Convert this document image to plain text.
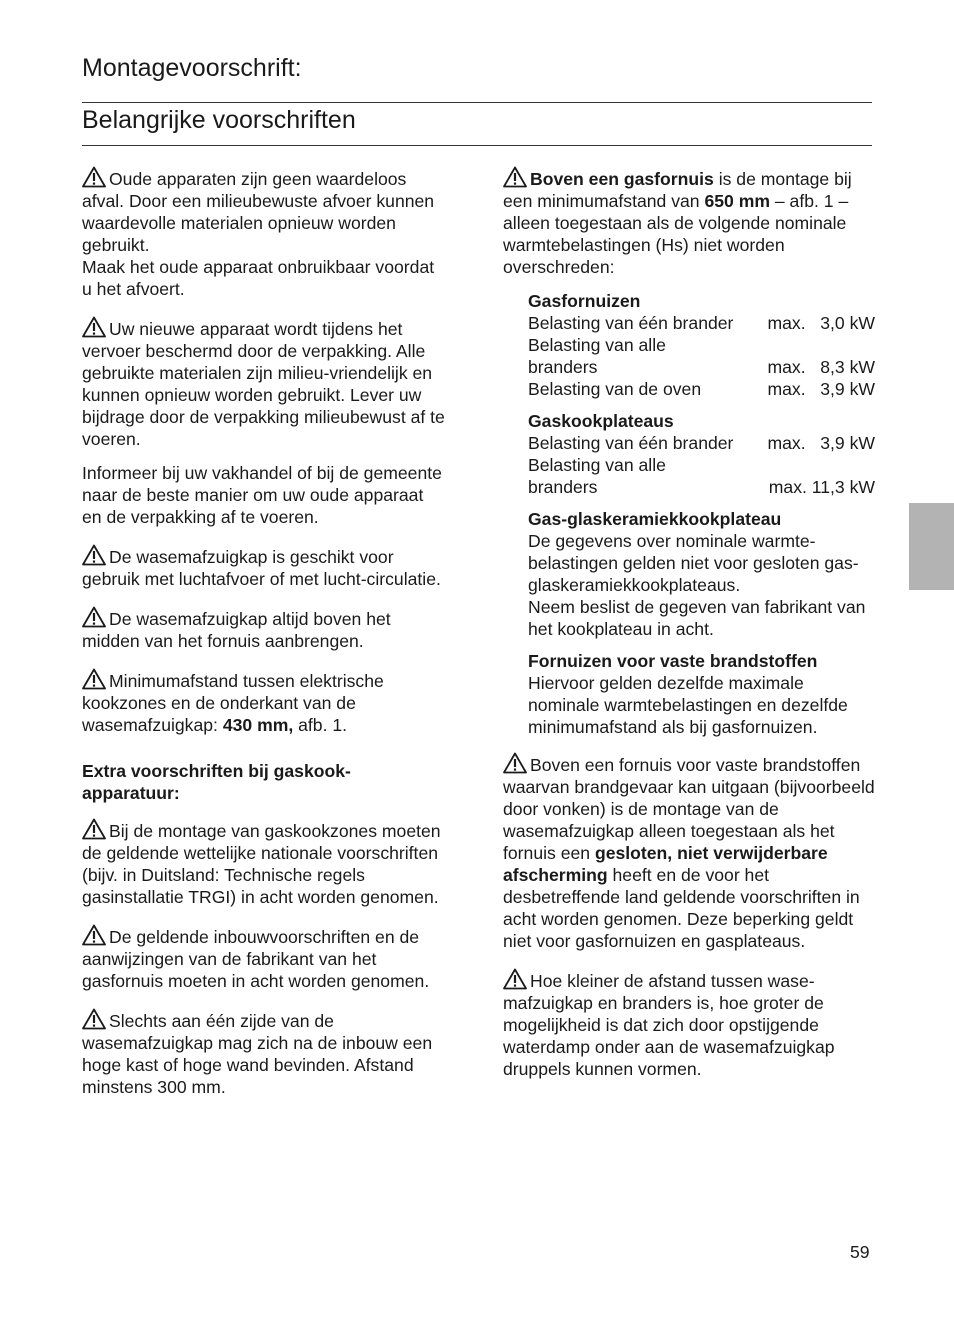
Montagevoorschrift:
Belangrijke voorschriften

Oude apparaten zijn geen waardeloos afval. Door een milieubewuste afvoer kunnen waardevolle materialen opnieuw worden gebruikt.
Maak het oude apparaat onbruikbaar voordat u het afvoert.

Uw nieuwe apparaat wordt tijdens het vervoer beschermd door de verpakking. Alle gebruikte materialen zijn milieu-vriendelijk en kunnen opnieuw worden gebruikt. Lever uw bijdrage door de verpakking milieubewust af te voeren.

Informeer bij uw vakhandel of bij de gemeente naar de beste manier om uw oude apparaat en de verpakking af te voeren.

De wasemafzuigkap is geschikt voor gebruik met luchtafvoer of met lucht-circulatie.

De wasemafzuigkap altijd boven het midden van het fornuis aanbrengen.

Minimumafstand tussen elektrische kookzones en de onderkant van de wasemafzuigkap: 430 mm, afb. 1.

Extra voorschriften bij gaskook-
apparatuur:

Bij de montage van gaskookzones moeten de geldende wettelijke nationale voorschriften (bijv. in Duitsland: Technische regels gasinstallatie TRGI) in acht worden genomen.

De geldende inbouwvoorschriften en de aanwijzingen van de fabrikant van het gasfornuis moeten in acht worden genomen.

Slechts aan één zijde van de wasemafzuigkap mag zich na de inbouw een hoge kast of hoge wand bevinden. Afstand minstens 300 mm.

Boven een gasfornuis is de montage bij een minimumafstand van 650 mm – afb. 1 – alleen toegestaan als de volgende nominale warmtebelastingen (Hs) niet worden overschreden:

Gasfornuizen
Belasting van één brander	max.   3,0 kW
Belasting van alle
branders	max.   8,3 kW
Belasting van de oven	max.   3,9 kW
Gaskookplateaus
Belasting van één brander	max.   3,9 kW
Belasting van alle
branders	max. 11,3 kW
Gas-glaskeramiekkookplateau
De gegevens over nominale warmte-belastingen gelden niet voor gesloten gas-glaskeramiekkookplateaus.
Neem beslist de gegeven van fabrikant van het kookplateau in acht.
Fornuizen voor vaste brandstoffen
Hiervoor gelden dezelfde maximale nominale warmtebelastingen en dezelfde minimumafstand als bij gasfornuizen.

Boven een fornuis voor vaste brandstoffen waarvan brandgevaar kan uitgaan (bijvoorbeeld door vonken) is de montage van de wasemafzuigkap alleen toegestaan als het fornuis een gesloten, niet verwijderbare afscherming heeft en de voor het desbetreffende land geldende voorschriften in acht worden genomen. Deze beperking geldt niet voor gasfornuizen en gasplateaus.

Hoe kleiner de afstand tussen wase-mafzuigkap en branders is, hoe groter de mogelijkheid is dat zich door opstijgende waterdamp onder aan de wasemafzuigkap druppels kunnen vormen.

59
